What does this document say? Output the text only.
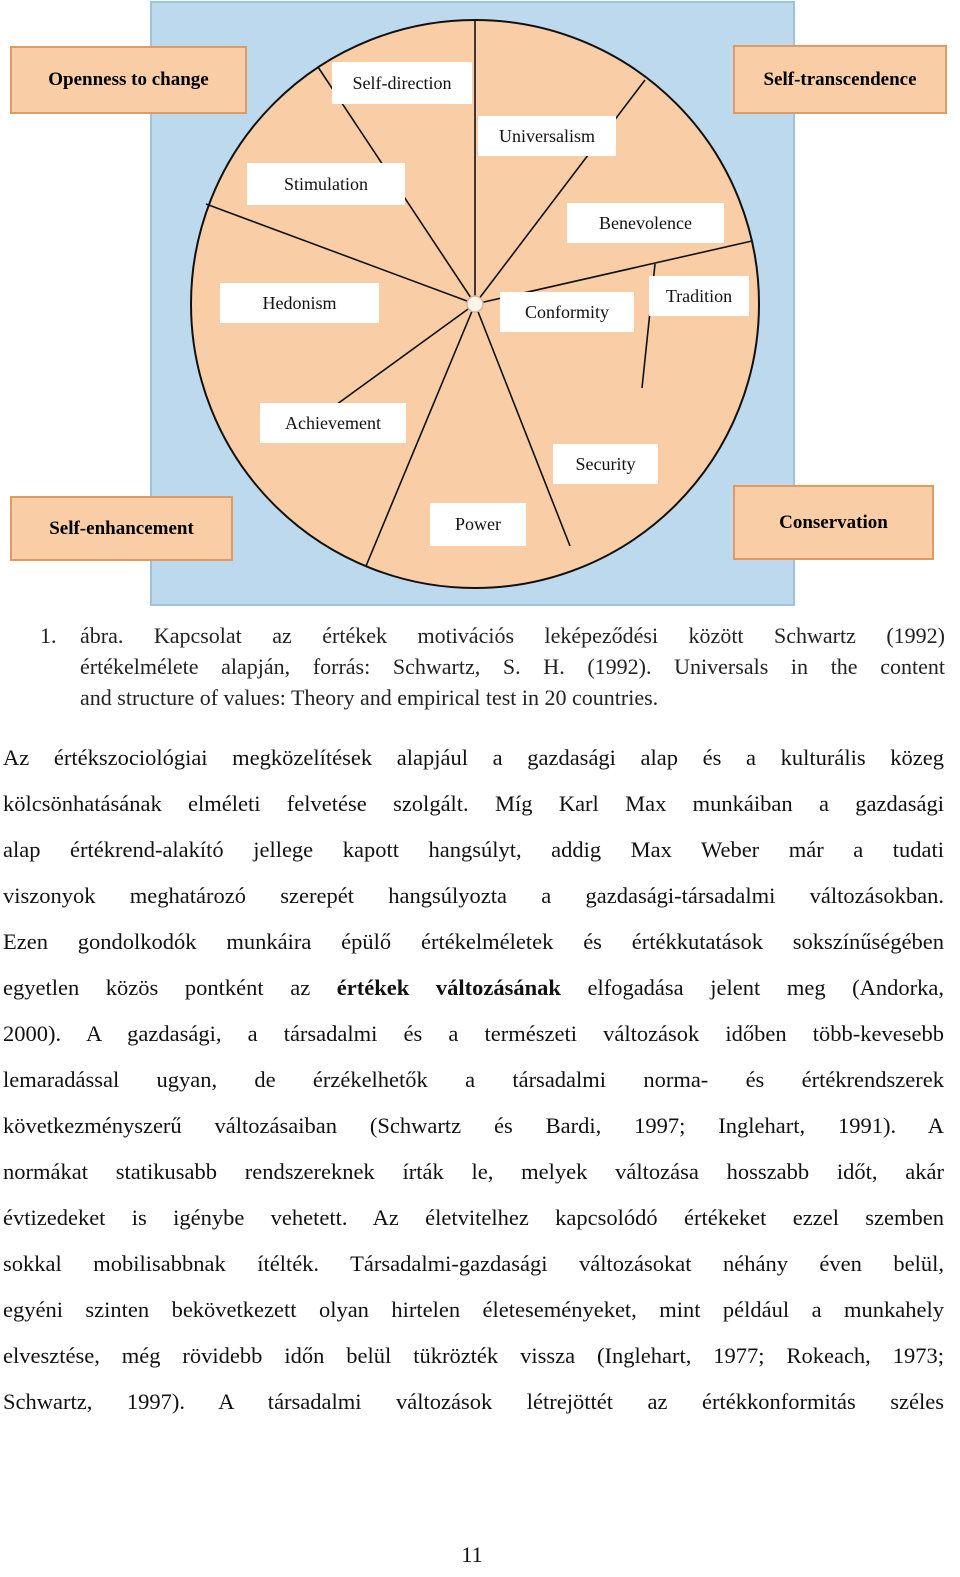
Self-direction
Universalism
Stimulation
Benevolence
Hedonism	Conformity
Tradition
Achievement
Security
Power
Openness to change	Self-transcendence
Self-enhancement	Conservation
1. ábra. Kapcsolat az értékek motivációs leképeződési között Schwartz (1992)
értékelmélete alapján, forrás: Schwartz, S. H. (1992). Universals in the content
and structure of values: Theory and empirical test in 20 countries.
Az értékszociológiai megközelítések alapjául a gazdasági alap és a kulturális közeg
kölcsönhatásának elméleti felvetése szolgált. Míg Karl Max munkáiban a gazdasági
alap értékrend-alakító jellege kapott hangsúlyt, addig Max Weber már a tudati
viszonyok meghatározó szerepét hangsúlyozta a gazdasági-társadalmi változásokban.
Ezen gondolkodók munkáira épülő értékelméletek és értékkutatások sokszínűségében
egyetlen közös pontként az értékek változásának elfogadása jelent meg (Andorka,
2000). A gazdasági, a társadalmi és a természeti változások időben több-kevesebb
lemaradással ugyan, de érzékelhetők a társadalmi norma- és értékrendszerek
következményszerű változásaiban (Schwartz és Bardi, 1997; Inglehart, 1991). A
normákat statikusabb rendszereknek írták le, melyek változása hosszabb időt, akár
évtizedeket is igénybe vehetett. Az életvitelhez kapcsolódó értékeket ezzel szemben
sokkal mobilisabbnak ítélték. Társadalmi-gazdasági változásokat néhány éven belül,
egyéni szinten bekövetkezett olyan hirtelen életeseményeket, mint például a munkahely
elvesztése, még rövidebb időn belül tükrözték vissza (Inglehart, 1977; Rokeach, 1973;
Schwartz, 1997). A társadalmi változások létrejöttét az értékkonformitás széles
11
